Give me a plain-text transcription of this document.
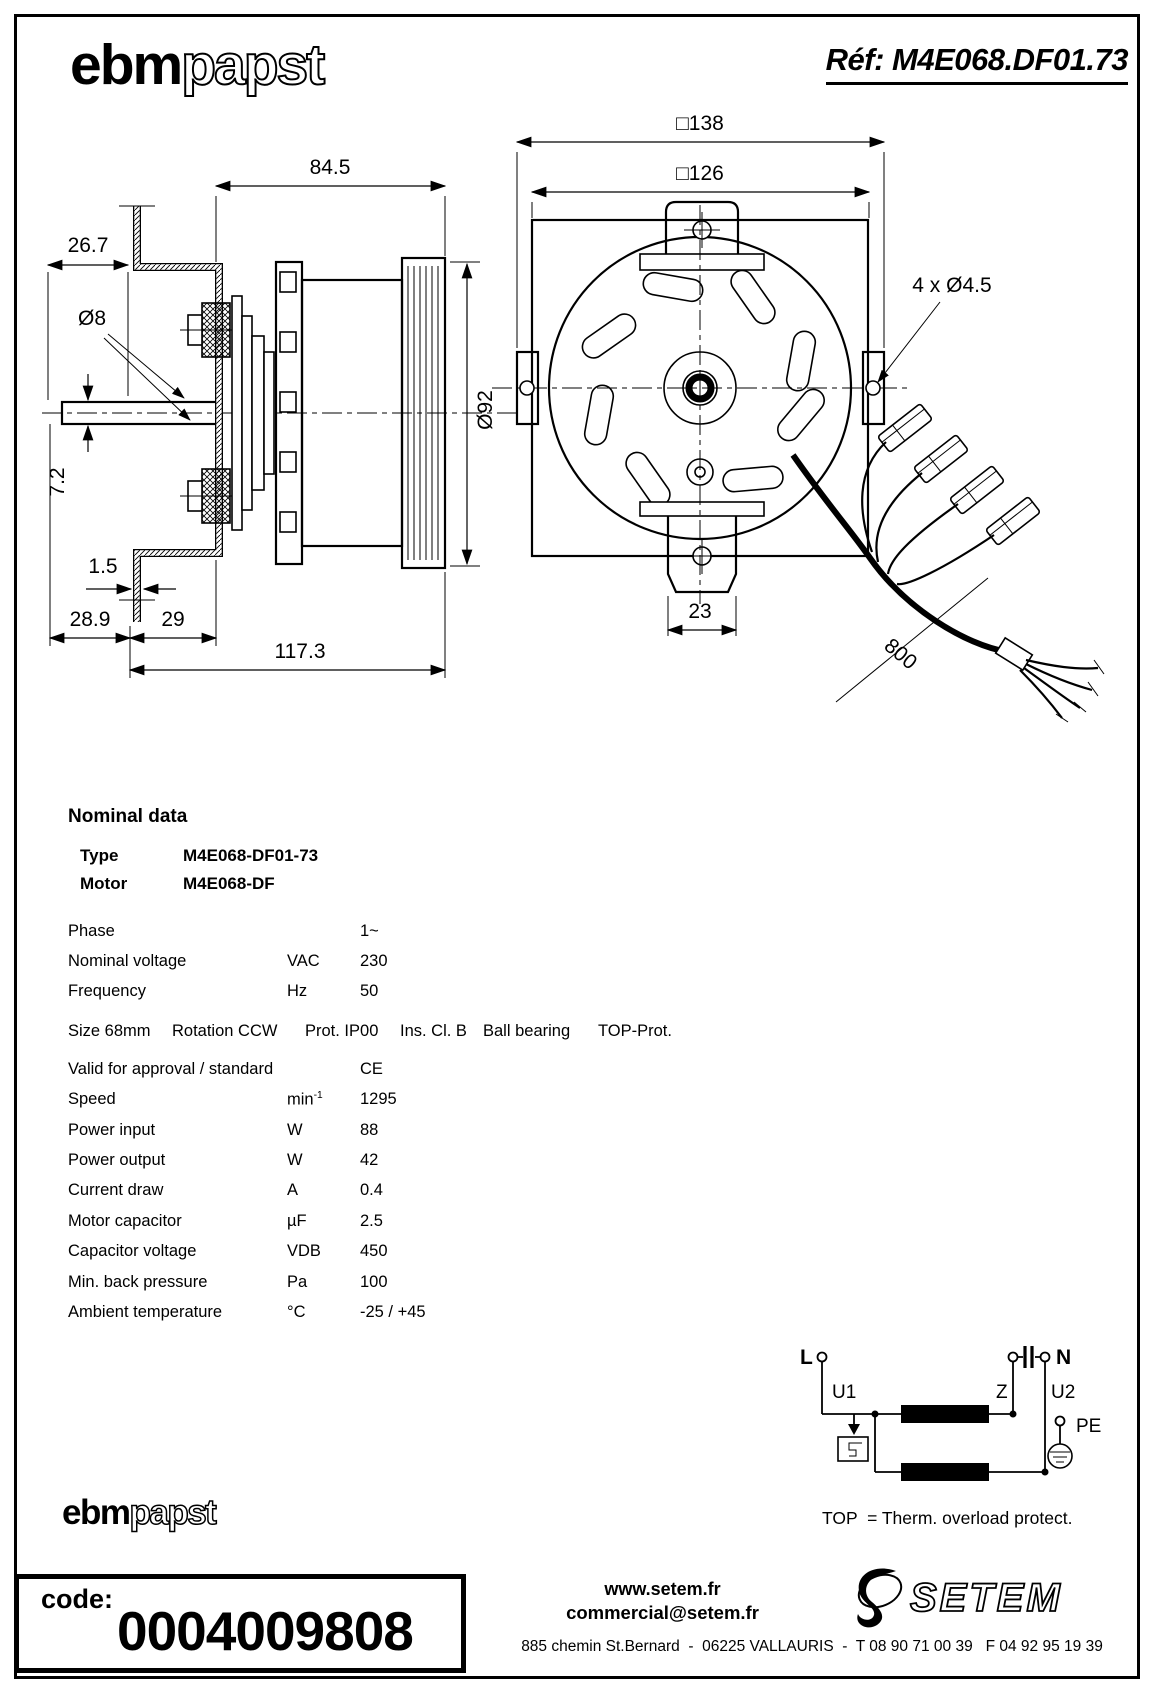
ebmpapst	Réf: M4E068.DF01.73
84.5
26.7
Ø8
7.2
Ø92
1.5
28.9 29
117.3
□138
□126
4 x Ø4.5
23
800
L	N
U1	Z U2
PE
Nominal data
Type	M4E068-DF01-73
Motor	M4E068-DF
Phase	1~
Nominal voltage	VAC	230
Frequency	Hz	50
Size 68mm	Rotation CCW	Prot. IP00	Ins. Cl. B Ball bearing	TOP-Prot.
Valid for approval / standard	CE
Speed	$\min^{-1}$	1295
Power input	W	88
Power output	W	42
Current draw	A	0.4
Motor capacitor	µF	2.5
Capacitor voltage	VDB	450
Min. back pressure	Pa	100
Ambient temperature	°C	-25 / +45
TOP  = Therm. overload protect.
ebmpapst
code:
0004009808
www.setem.fr
commercial@setem.fr
885 chemin St.Bernard  -  06225 VALLAURIS  -  T 08 90 71 00 39   F 04 92 95 19 39
SETEM
